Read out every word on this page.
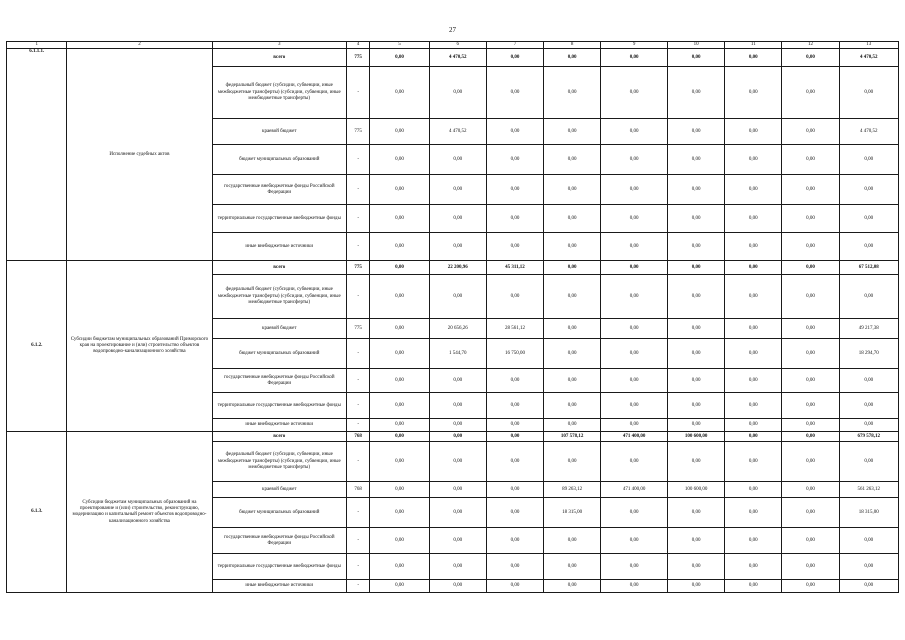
27
1	2	3	4	5	6	7	8	9	10	11	12	13
6.1.1.1.	Исполнение судебных актов	всего	775	0,00	4 470,52	0,00	0,00	0,00	0,00	0,00	0,00	4 470,52
		федеральный бюджет (субсидии, субвенции, иные межбюджетные трансферты) (субсидии, субвенции, иные межбюджетные трансферты)	-	0,00	0,00	0,00	0,00	0,00	0,00	0,00	0,00	0,00
		краевой бюджет	775	0,00	4 470,52	0,00	0,00	0,00	0,00	0,00	0,00	4 470,52
		бюджет муниципальных образований	-	0,00	0,00	0,00	0,00	0,00	0,00	0,00	0,00	0,00
		государственные внебюджетные фонды Российской Федерации	-	0,00	0,00	0,00	0,00	0,00	0,00	0,00	0,00	0,00
		территориальные государственные внебюджетные фонды	-	0,00	0,00	0,00	0,00	0,00	0,00	0,00	0,00	0,00
		иные внебюджетные источники	-	0,00	0,00	0,00	0,00	0,00	0,00	0,00	0,00	0,00
6.1.2.	Субсидии бюджетам муниципальных образований Приморского края на проектирование и (или) строительство объектов водопроводно-канализационного хозяйства	всего	775	0,00	22 200,96	45 311,12	0,00	0,00	0,00	0,00	0,00	67 512,08
		федеральный бюджет (субсидии, субвенции, иные межбюджетные трансферты) (субсидии, субвенции, иные межбюджетные трансферты)	-	0,00	0,00	0,00	0,00	0,00	0,00	0,00	0,00	0,00
		краевой бюджет	775	0,00	20 656,26	28 561,12	0,00	0,00	0,00	0,00	0,00	49 217,38
		бюджет муниципальных образований	-	0,00	1 544,70	16 750,00	0,00	0,00	0,00	0,00	0,00	18 294,70
		государственные внебюджетные фонды Российской Федерации	-	0,00	0,00	0,00	0,00	0,00	0,00	0,00	0,00	0,00
		территориальные государственные внебюджетные фонды	-	0,00	0,00	0,00	0,00	0,00	0,00	0,00	0,00	0,00
		иные внебюджетные источники	-	0,00	0,00	0,00	0,00	0,00	0,00	0,00	0,00	0,00
6.1.3.	Субсидии бюджетам муниципальных образований на проектирование и (или) строительство, реконструкцию, модернизацию и капитальный ремонт объектов водопроводно-канализационного хозяйства	всего	768	0,00	0,00	0,00	107 578,12	471 400,00	100 600,00	0,00	0,00	679 578,12
		федеральный бюджет (субсидии, субвенции, иные межбюджетные трансферты) (субсидии, субвенции, иные межбюджетные трансферты)	-	0,00	0,00	0,00	0,00	0,00	0,00	0,00	0,00	0,00
		краевой бюджет	768	0,00	0,00	0,00	89 263,12	471 400,00	100 600,00	0,00	0,00	561 263,12
		бюджет муниципальных образований	-	0,00	0,00	0,00	18 315,00	0,00	0,00	0,00	0,00	18 315,00
		государственные внебюджетные фонды Российской Федерации	-	0,00	0,00	0,00	0,00	0,00	0,00	0,00	0,00	0,00
		территориальные государственные внебюджетные фонды	-	0,00	0,00	0,00	0,00	0,00	0,00	0,00	0,00	0,00
		иные внебюджетные источники	-	0,00	0,00	0,00	0,00	0,00	0,00	0,00	0,00	0,00
